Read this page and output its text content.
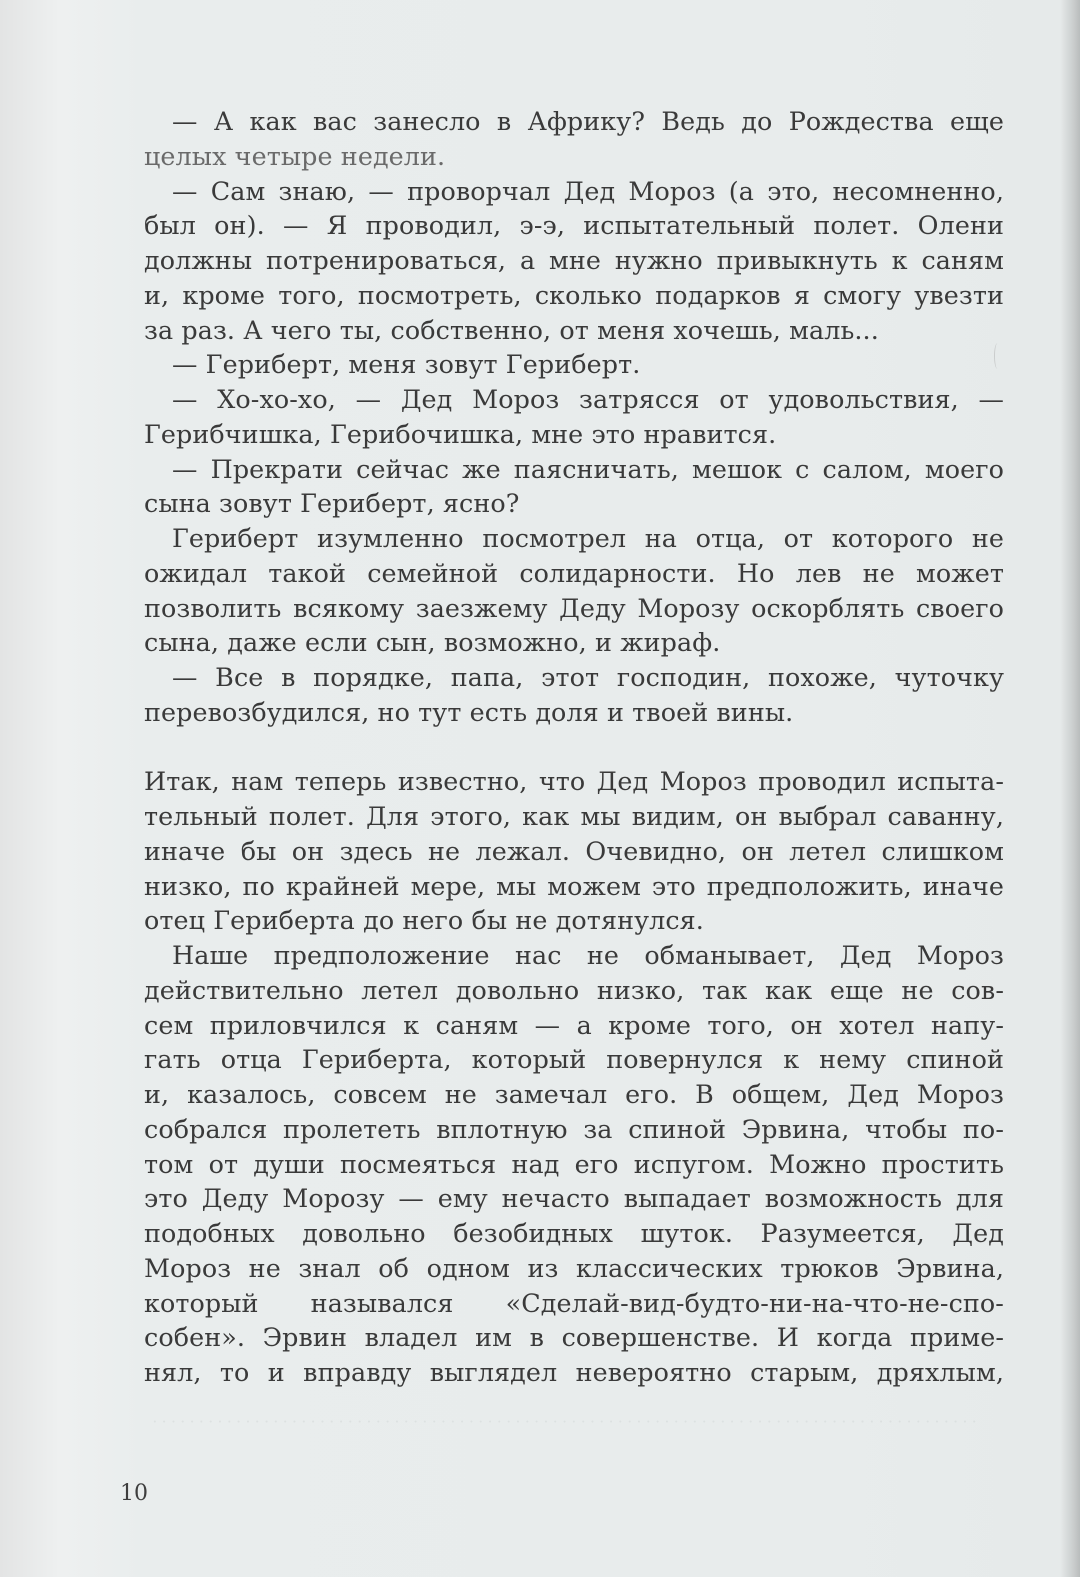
— А как вас занесло в Африку? Ведь до Рождества еще
целых четыре недели.
— Сам знаю, — проворчал Дед Мороз (а это, несомненно,
был он). — Я проводил, э-э, испытательный полет. Олени
должны потренироваться, а мне нужно привыкнуть к саням
и, кроме того, посмотреть, сколько подарков я смогу увезти
за раз. А чего ты, собственно, от меня хочешь, маль...
— Гериберт, меня зовут Гериберт.
— Хо-хо-хо, — Дед Мороз затрясся от удовольствия, —
Герибчишка, Герибочишка, мне это нравится.
— Прекрати сейчас же паясничать, мешок с салом, моего
сына зовут Гериберт, ясно?
Гериберт изумленно посмотрел на отца, от которого не
ожидал такой семейной солидарности. Но лев не может
позволить всякому заезжему Деду Морозу оскорблять своего
сына, даже если сын, возможно, и жираф.
— Все в порядке, папа, этот господин, похоже, чуточку
перевозбудился, но тут есть доля и твоей вины.
Итак, нам теперь известно, что Дед Мороз проводил испыта-
тельный полет. Для этого, как мы видим, он выбрал саванну,
иначе бы он здесь не лежал. Очевидно, он летел слишком
низко, по крайней мере, мы можем это предположить, иначе
отец Гериберта до него бы не дотянулся.
Наше предположение нас не обманывает, Дед Мороз
действительно летел довольно низко, так как еще не сов-
сем приловчился к саням — а кроме того, он хотел напу-
гать отца Гериберта, который повернулся к нему спиной
и, казалось, совсем не замечал его. В общем, Дед Мороз
собрался пролететь вплотную за спиной Эрвина, чтобы по-
том от души посмеяться над его испугом. Можно простить
это Деду Морозу — ему нечасто выпадает возможность для
подобных довольно безобидных шуток. Разумеется, Дед
Мороз не знал об одном из классических трюков Эрвина,
который назывался «Сделай-вид-будто-ни-на-что-не-спо-
собен». Эрвин владел им в совершенстве. И когда приме-
нял, то и вправду выглядел невероятно старым, дряхлым,
· · · · · · · · · · · · · · · · · · · · · · · · · · · · · · · · · · · · · · · · · · · · · · · · · · · · · · · · · · · · · · · · · · · · · · · · · · · · · · · · · · · · · · · · ·
10
